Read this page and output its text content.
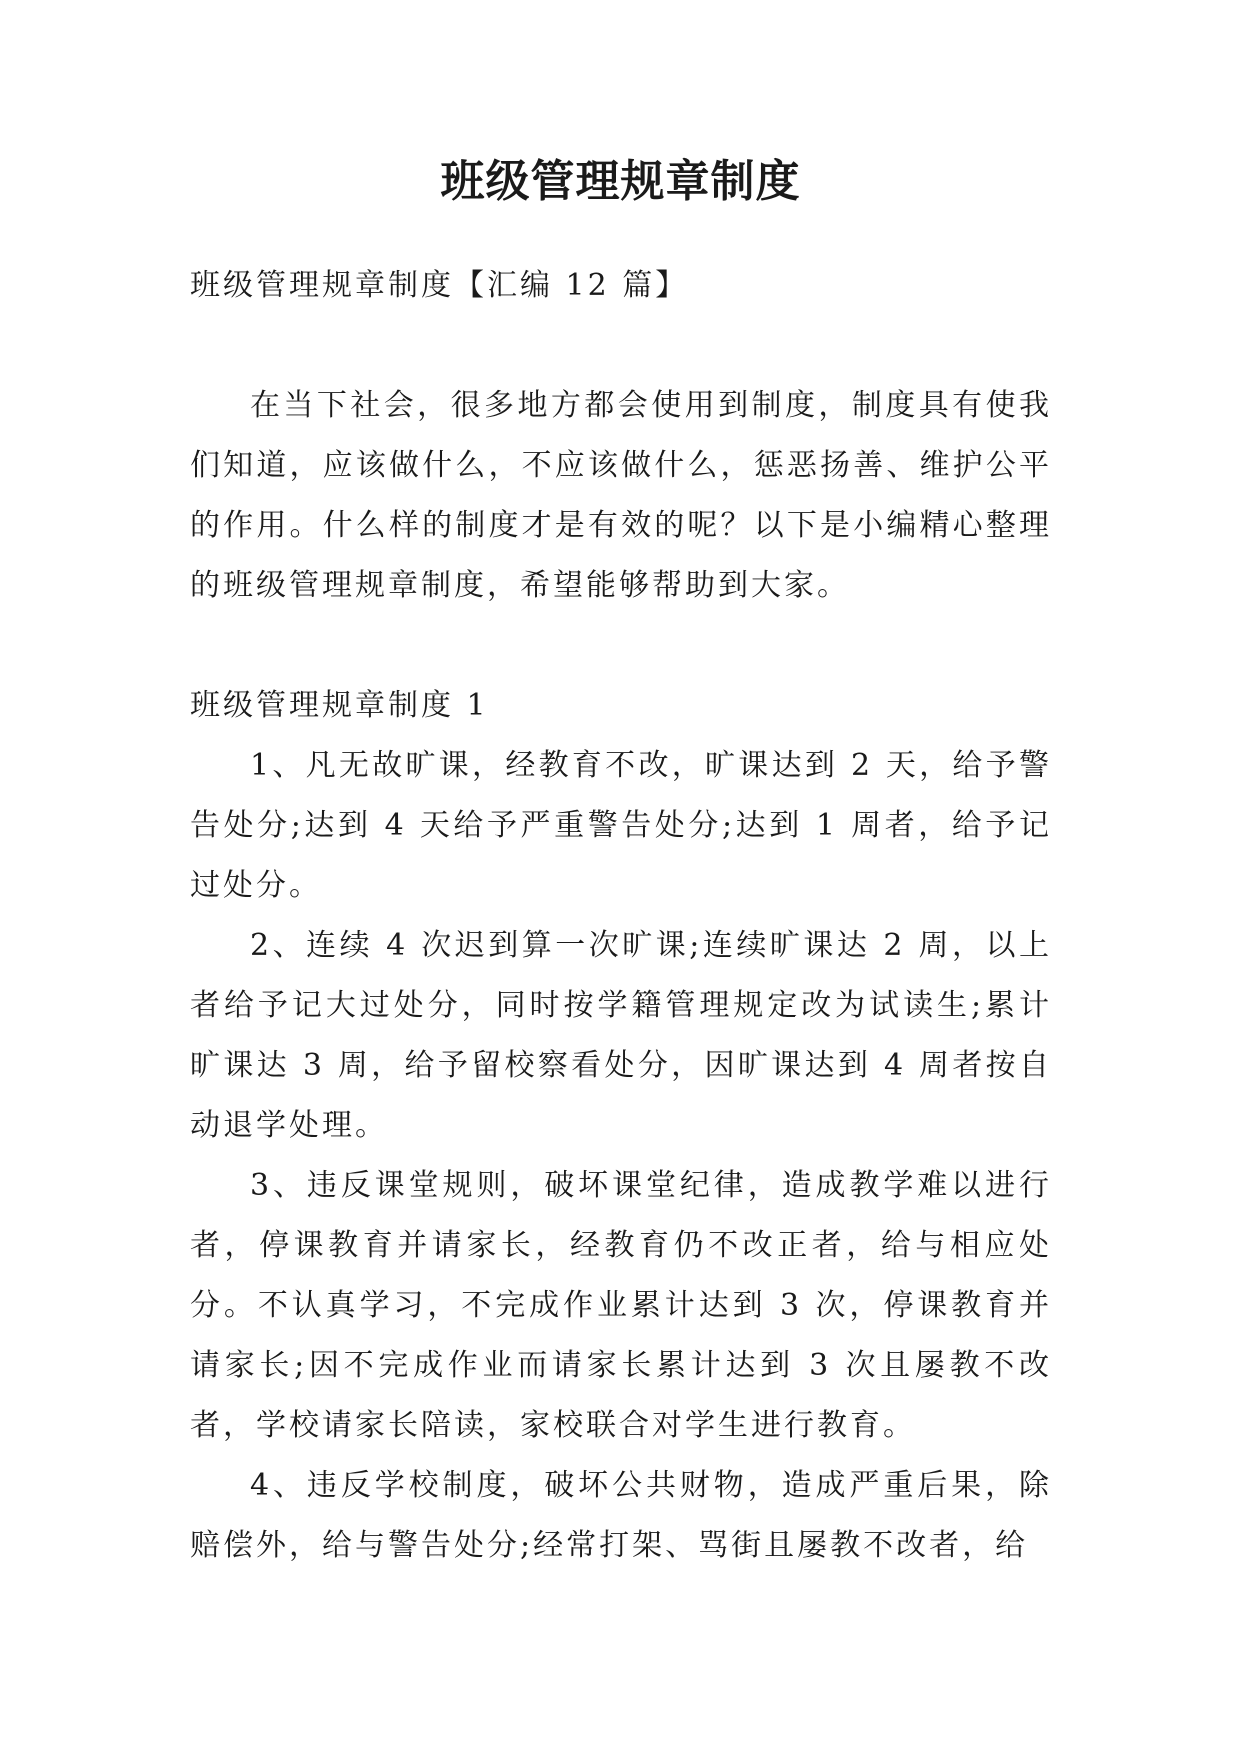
班级管理规章制度

班级管理规章制度【汇编 12 篇】

在当下社会，很多地方都会使用到制度，制度具有使我们知道，应该做什么，不应该做什么，惩恶扬善、维护公平的作用。什么样的制度才是有效的呢？以下是小编精心整理的班级管理规章制度，希望能够帮助到大家。

班级管理规章制度 1

1、凡无故旷课，经教育不改，旷课达到 2 天，给予警告处分;达到 4 天给予严重警告处分;达到 1 周者，给予记过处分。

2、连续 4 次迟到算一次旷课;连续旷课达 2 周，以上者给予记大过处分，同时按学籍管理规定改为试读生;累计旷课达 3 周，给予留校察看处分，因旷课达到 4 周者按自动退学处理。

3、违反课堂规则，破坏课堂纪律，造成教学难以进行者，停课教育并请家长，经教育仍不改正者，给与相应处分。不认真学习，不完成作业累计达到 3 次，停课教育并请家长;因不完成作业而请家长累计达到 3 次且屡教不改者，学校请家长陪读，家校联合对学生进行教育。

4、违反学校制度，破坏公共财物，造成严重后果，除赔偿外，给与警告处分;经常打架、骂街且屡教不改者，给
